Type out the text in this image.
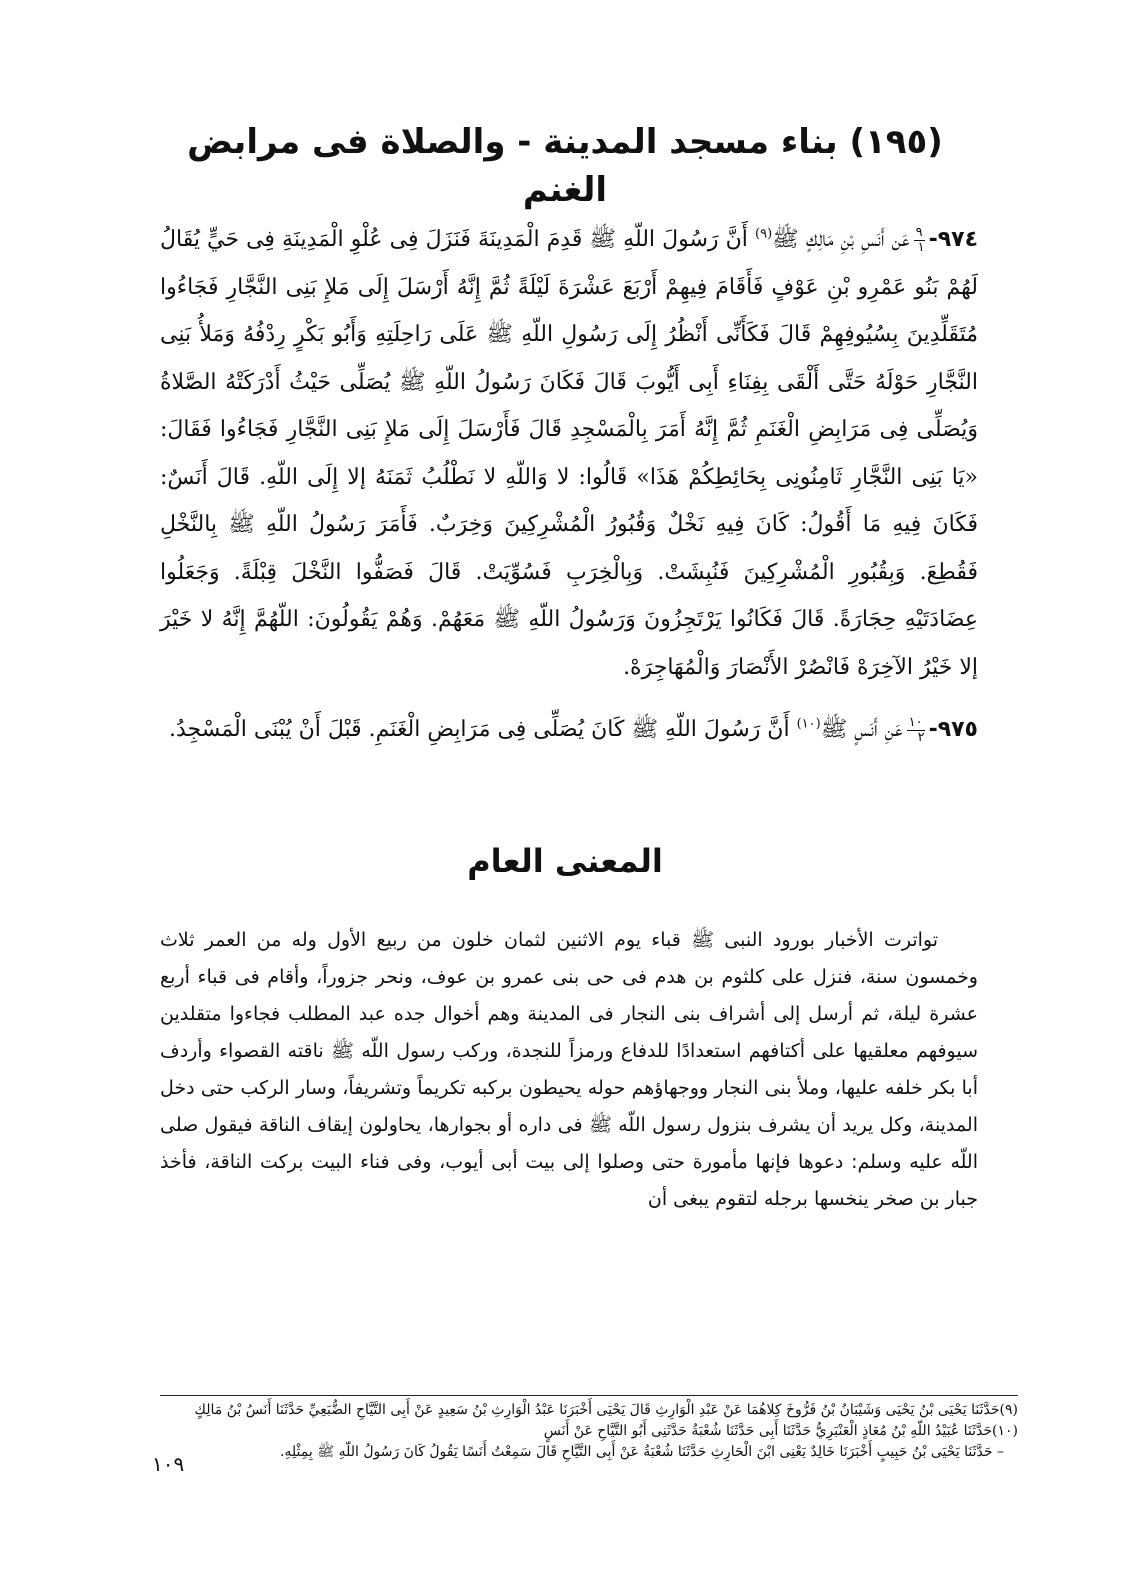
(١٩٥) بناء مسجد المدينة - والصلاة فى مرابض الغنم
٩٧٤-
$\frac{٩}{١}$
عَن أَنَسِ بْنِ مَالِكٍ ﷺ$^{(٩)}$ أَنَّ رَسُولَ اللّهِ ﷺ قَدِمَ الْمَدِينَةَ فَنَزَلَ فِى عُلْوِ الْمَدِينَةِ فِى حَيٍّ يُقَالُ لَهُمْ بَنُو عَمْرِو بْنِ عَوْفٍ فَأَقَامَ فِيهِمْ أَرْبَعَ عَشْرَةَ لَيْلَةً ثُمَّ إِنَّهُ أَرْسَلَ إِلَى مَلإِ بَنِى النَّجَّارِ فَجَاءُوا مُتَقَلِّدِينَ بِسُيُوفِهِمْ قَالَ فَكَأَنِّى أَنْظُرُ إِلَى رَسُولِ اللّهِ ﷺ عَلَى رَاحِلَتِهِ وَأَبُو بَكْرٍ رِدْفُهُ وَمَلأُ بَنِى النَّجَّارِ حَوْلَهُ حَتَّى أَلْقَى بِفِنَاءِ أَبِى أَيُّوبَ قَالَ فَكَانَ رَسُولُ اللّهِ ﷺ يُصَلِّى حَيْثُ أَدْرَكَتْهُ الصَّلاةُ وَيُصَلِّى فِى مَرَابِضِ الْغَنَمِ ثُمَّ إِنَّهُ أَمَرَ بِالْمَسْجِدِ قَالَ فَأَرْسَلَ إِلَى مَلإِ بَنِى النَّجَّارِ فَجَاءُوا فَقَالَ: «يَا بَنِى النَّجَّارِ ثَامِنُونِى بِحَائِطِكُمْ هَذَا» قَالُوا: لا وَاللّهِ لا نَطْلُبُ ثَمَنَهُ إلا إِلَى اللّهِ. قَالَ أَنَسٌ: فَكَانَ فِيهِ مَا أَقُولُ: كَانَ فِيهِ نَخْلٌ وَقُبُورُ الْمُشْرِكِينَ وَخِرَبٌ. فَأَمَرَ رَسُولُ اللّهِ ﷺ بِالنَّخْلِ فَقُطِعَ. وَبِقُبُورِ الْمُشْرِكِينَ فَنُبِشَتْ. وَبِالْخِرَبِ فَسُوِّيَتْ. قَالَ فَصَفُّوا النَّخْلَ قِبْلَةً. وَجَعَلُوا عِضَادَتَيْهِ حِجَارَةً. قَالَ فَكَانُوا يَرْتَجِزُونَ وَرَسُولُ اللّهِ ﷺ مَعَهُمْ. وَهُمْ يَقُولُونَ: اللّهُمَّ إِنَّهُ لا خَيْرَ إلا خَيْرُ الآخِرَهْ فَانْصُرْ الأَنْصَارَ وَالْمُهَاجِرَهْ.
٩٧٥-
$\frac{١٠}{٢}$
عَنِ أَنَسٍ ﷺ$^{(١٠)}$ أَنَّ رَسُولَ اللّهِ ﷺ كَانَ يُصَلِّى فِى مَرَابِضِ الْغَنَمِ. قَبْلَ أَنْ يُبْنَى الْمَسْجِدُ.
المعنى العام
تواترت الأخبار بورود النبى ﷺ قباء يوم الاثنين لثمان خلون من ربيع الأول وله من العمر ثلاث وخمسون سنة، فنزل على كلثوم بن هدم فى حى بنى عمرو بن عوف، ونحر جزوراً، وأقام فى قباء أربع عشرة ليلة، ثم أرسل إلى أشراف بنى النجار فى المدينة وهم أخوال جده عبد المطلب فجاءوا متقلدين سيوفهم معلقيها على أكتافهم استعدادًا للدفاع ورمزاً للنجدة، وركب رسول اللّه ﷺ ناقته القصواء وأردف أبا بكر خلفه عليها، وملأ بنى النجار ووجهاؤهم حوله يحيطون بركبه تكريماً وتشريفاً، وسار الركب حتى دخل المدينة، وكل يريد أن يشرف بنزول رسول اللّه ﷺ فى داره أو بجوارها، يحاولون إيقاف الناقة فيقول صلى اللّه عليه وسلم: دعوها فإنها مأمورة حتى وصلوا إلى بيت أبى أيوب، وفى فناء البيت بركت الناقة، فأخذ جبار بن صخر ينخسها برجله لتقوم يبغى أن

(٩)حَدَّثَنَا يَحْيَى بْنُ يَحْيَى وَشَيْبَانُ بْنُ فَرُّوخَ كِلاهُمَا عَنْ عَبْدِ الْوَارِثِ قَالَ يَحْيَى أَخْبَرَنَا عَبْدُ الْوَارِثِ بْنُ سَعِيدٍ عَنْ أَبِى التَّيَّاحِ الضُّبَعِيِّ حَدَّثَنَا أَنَسُ بْنُ مَالِكٍ

(١٠)حَدَّثَنَا عُبَيْدُ اللّهِ بْنُ مُعَاذٍ الْعَنْبَرِيُّ حَدَّثَنَا أَبِى حَدَّثَنَا شُعْبَةُ حَدَّثَنِى أَبُو التَّيَّاحِ عَنْ أَنَسٍ

– حَدَّثَنَا يَحْيَى بْنُ حَبِيبٍ أَخْبَرَنَا خَالِدٌ يَعْنِى ابْنَ الْحَارِثِ حَدَّثَنَا شُعْبَةُ عَنْ أَبِى التَّيَّاحِ قَالَ سَمِعْتُ أَنَسًا يَقُولُ كَانَ رَسُولُ اللّهِ ﷺ بِمِثْلِهِ.

١٠٩
